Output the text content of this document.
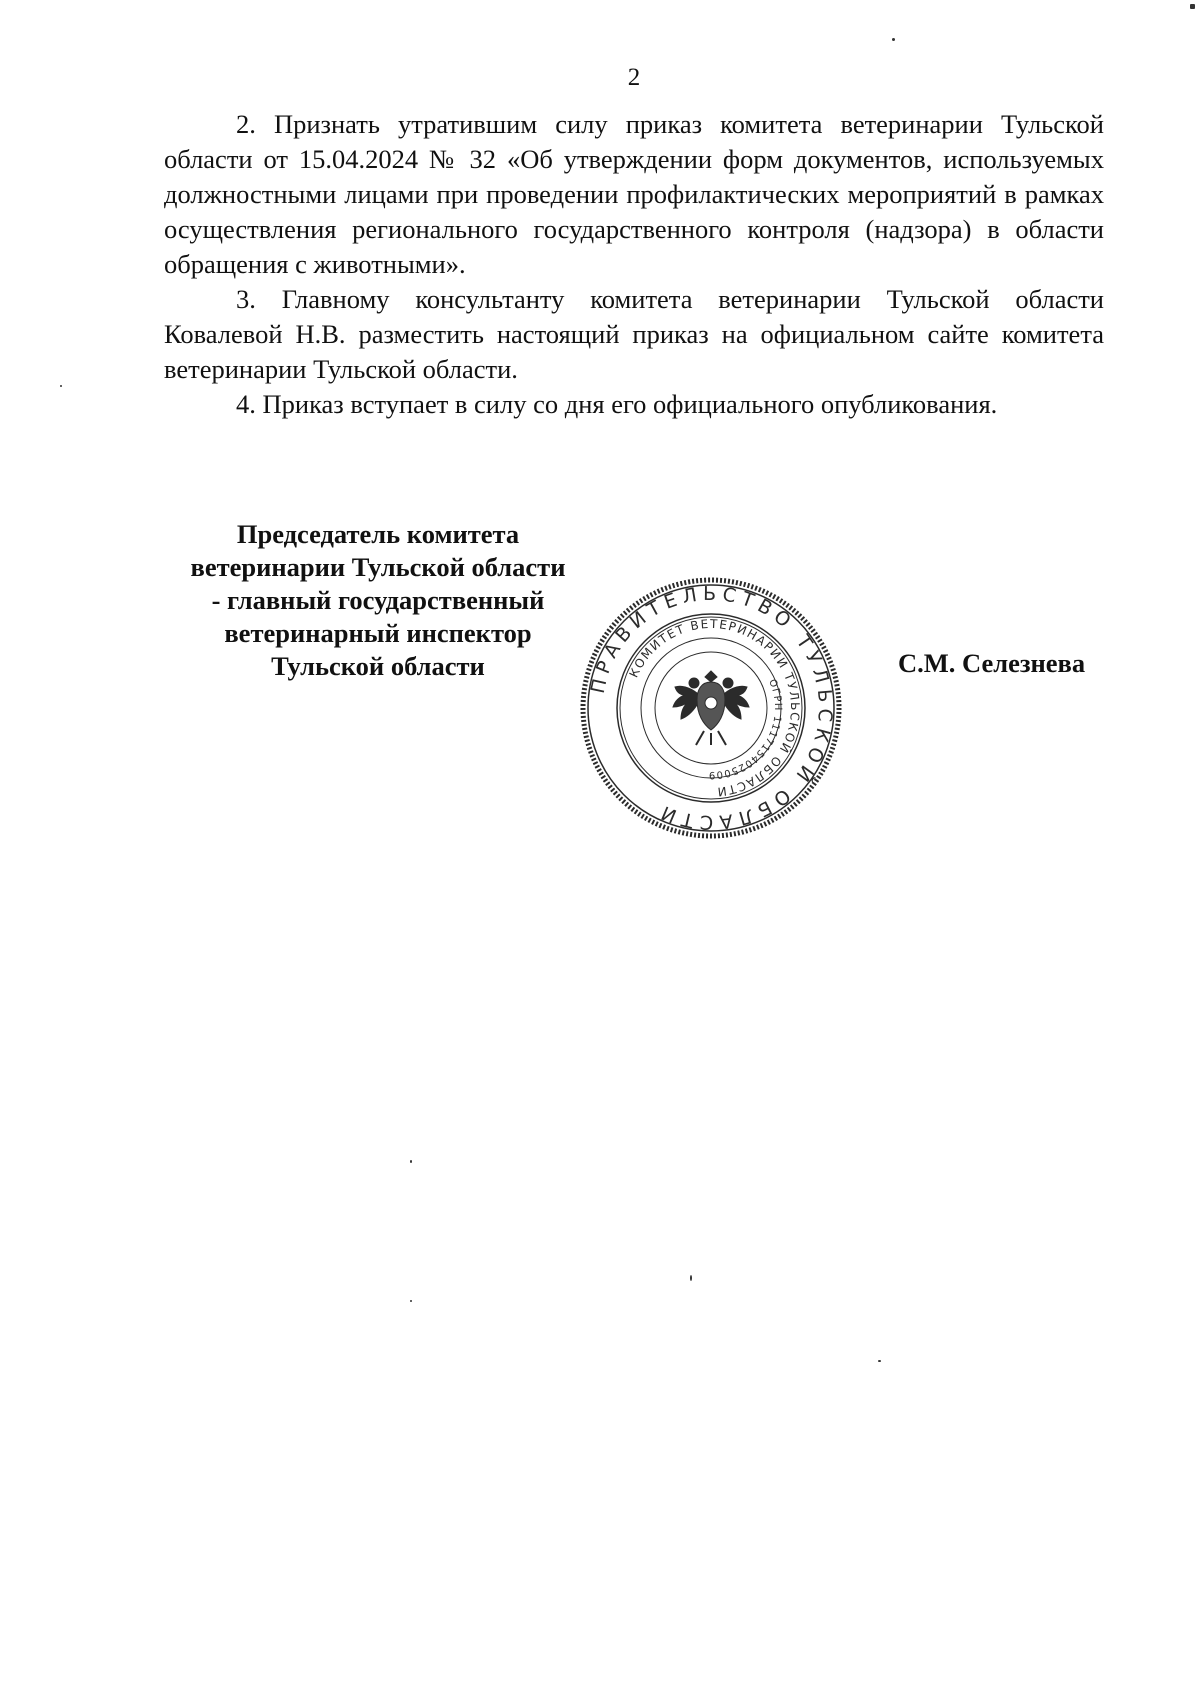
2

2. Признать утратившим силу приказ комитета ветеринарии Тульской области от 15.04.2024 № 32 «Об утверждении форм документов, используемых должностными лицами при проведении профилактических мероприятий в рамках осуществления регионального государственного контроля (надзора) в области обращения с животными».

3. Главному консультанту комитета ветеринарии Тульской области Ковалевой Н.В. разместить настоящий приказ на официальном сайте комитета ветеринарии Тульской области.

4. Приказ вступает в силу со дня его официального опубликования.

Председатель комитета
ветеринарии Тульской области
- главный государственный
ветеринарный инспектор
Тульской области	С.М. Селезнева
ПРАВИТЕЛЬСТВО ТУЛЬСКОЙ ОБЛАСТИ
КОМИТЕТ ВЕТЕРИНАРИИ ТУЛЬСКОЙ ОБЛАСТИ
ОГРН 1117154025009
